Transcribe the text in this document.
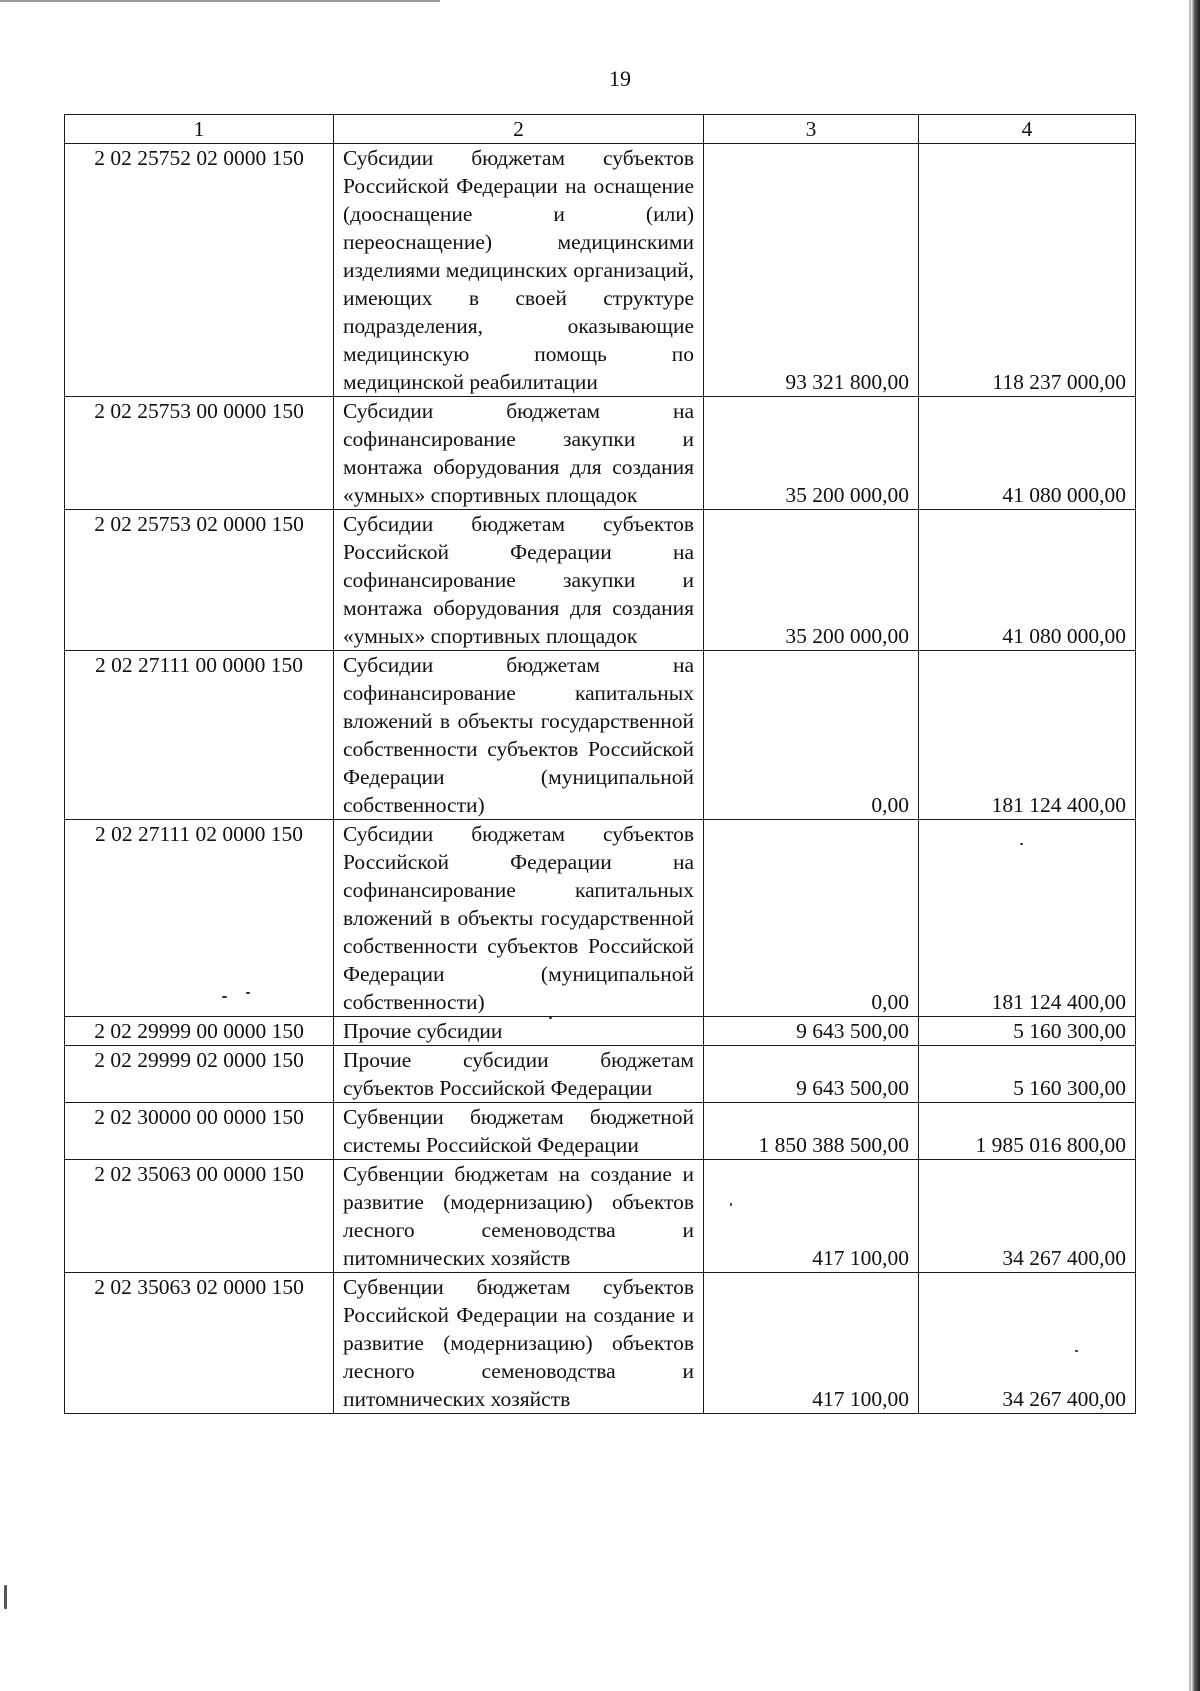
19
1	2	3	4
2 02 25752 02 0000 150	Субсидии бюджетам субъектов Российской Федерации на оснащение (дооснащение и (или) переоснащение) медицинскими изделиями медицинских организаций, имеющих в своей структуре подразделения, оказывающие медицинскую помощь по медицинской реабилитации	93 321 800,00	118 237 000,00
2 02 25753 00 0000 150	Субсидии бюджетам на софинансирование закупки и монтажа оборудования для создания «умных» спортивных площадок	35 200 000,00	41 080 000,00
2 02 25753 02 0000 150	Субсидии бюджетам субъектов Российской Федерации на софинансирование закупки и монтажа оборудования для создания «умных» спортивных площадок	35 200 000,00	41 080 000,00
2 02 27111 00 0000 150	Субсидии бюджетам на софинансирование капитальных вложений в объекты государственной собственности субъектов Российской Федерации (муниципальной собственности)	0,00	181 124 400,00
2 02 27111 02 0000 150	Субсидии бюджетам субъектов Российской Федерации на софинансирование капитальных вложений в объекты государственной собственности субъектов Российской Федерации (муниципальной собственности)	0,00	181 124 400,00
2 02 29999 00 0000 150	Прочие субсидии	9 643 500,00	5 160 300,00
2 02 29999 02 0000 150	Прочие субсидии бюджетам субъектов Российской Федерации	9 643 500,00	5 160 300,00
2 02 30000 00 0000 150	Субвенции бюджетам бюджетной системы Российской Федерации	1 850 388 500,00	1 985 016 800,00
2 02 35063 00 0000 150	Субвенции бюджетам на создание и развитие (модернизацию) объектов лесного семеноводства и питомнических хозяйств	417 100,00	34 267 400,00
2 02 35063 02 0000 150	Субвенции бюджетам субъектов Российской Федерации на создание и развитие (модернизацию) объектов лесного семеноводства и питомнических хозяйств	417 100,00	34 267 400,00
